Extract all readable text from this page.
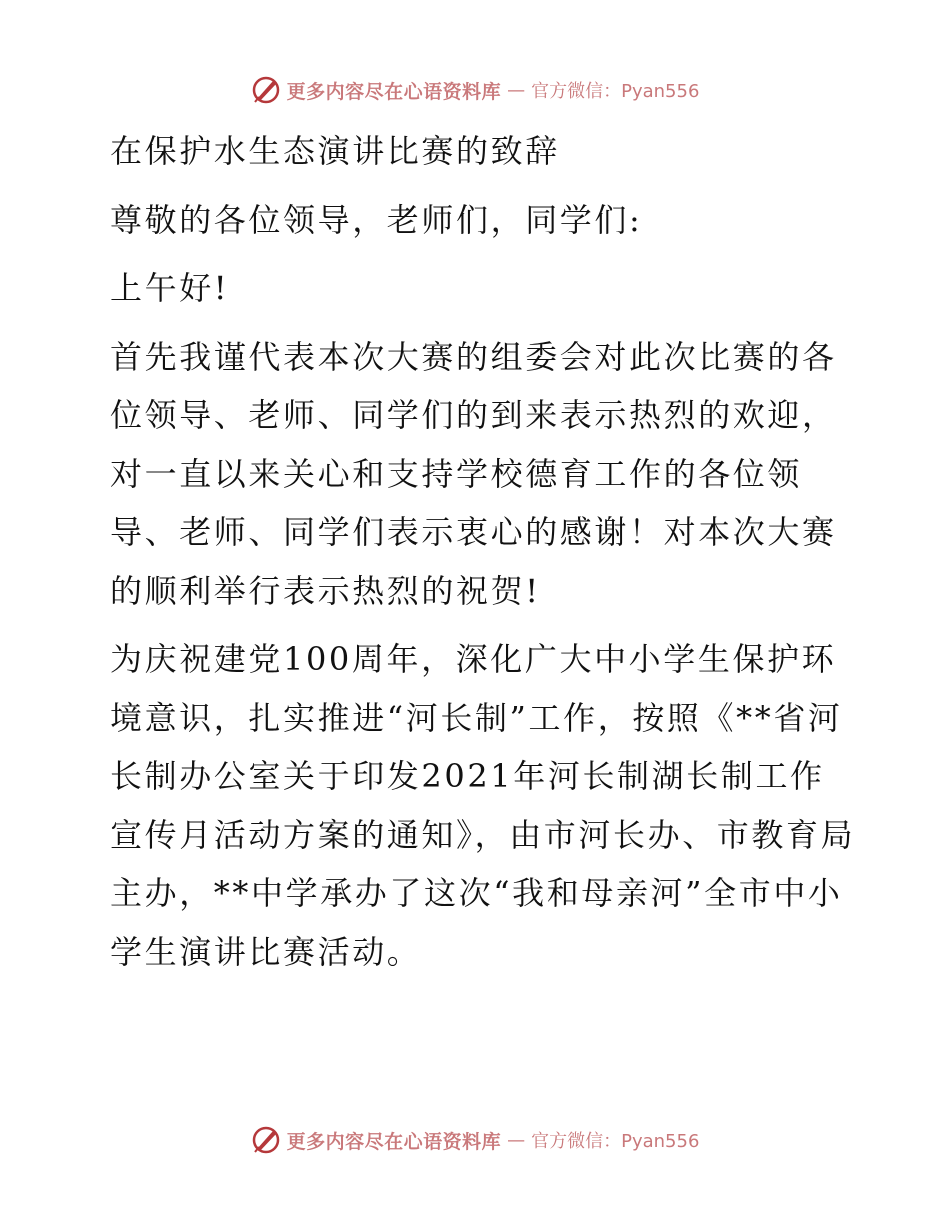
更多内容尽在心语资料库 — 官方微信：Pyan556

在保护水生态演讲比赛的致辞

尊敬的各位领导，老师们，同学们:

上午好!

首先我谨代表本次大赛的组委会对此次比赛的各位领导、老师、同学们的到来表示热烈的欢迎，对一直以来关心和支持学校德育工作的各位领导、老师、同学们表示衷心的感谢！对本次大赛的顺利举行表示热烈的祝贺!

为庆祝建党100周年，深化广大中小学生保护环境意识，扎实推进“河长制”工作，按照《**省河长制办公室关于印发2021年河长制湖长制工作宣传月活动方案的通知》，由市河长办、市教育局主办，**中学承办了这次“我和母亲河”全市中小学生演讲比赛活动。

更多内容尽在心语资料库 — 官方微信：Pyan556
